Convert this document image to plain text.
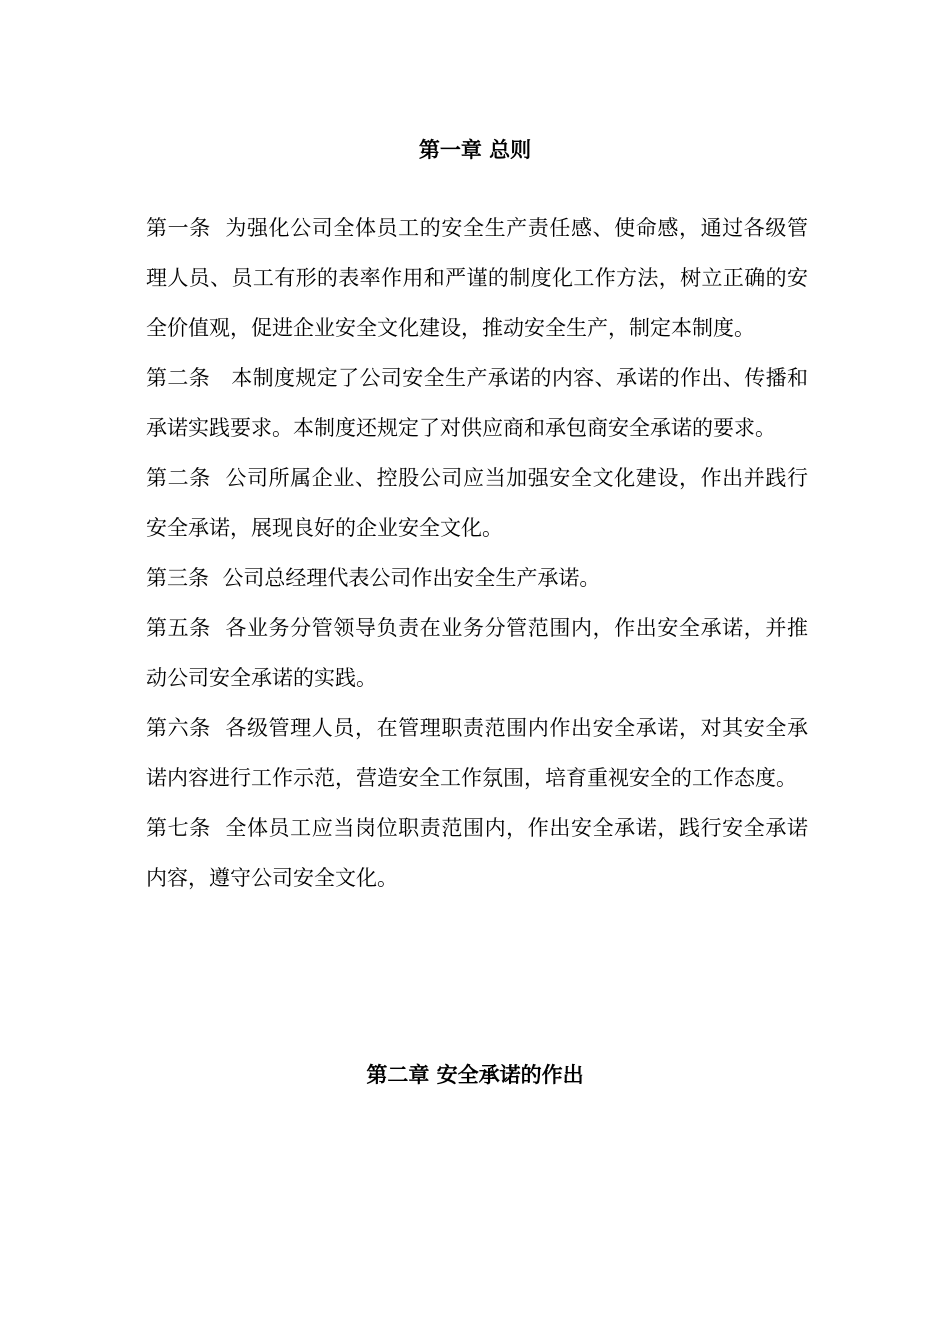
第一章 总则

第一条  为强化公司全体员工的安全生产责任感、使命感，通过各级管理人员、员工有形的表率作用和严谨的制度化工作方法，树立正确的安全价值观，促进企业安全文化建设，推动安全生产，制定本制度。

第二条   本制度规定了公司安全生产承诺的内容、承诺的作出、传播和承诺实践要求。本制度还规定了对供应商和承包商安全承诺的要求。

第二条  公司所属企业、控股公司应当加强安全文化建设，作出并践行安全承诺，展现良好的企业安全文化。

第三条  公司总经理代表公司作出安全生产承诺。

第五条  各业务分管领导负责在业务分管范围内，作出安全承诺，并推动公司安全承诺的实践。

第六条  各级管理人员，在管理职责范围内作出安全承诺，对其安全承诺内容进行工作示范，营造安全工作氛围，培育重视安全的工作态度。

第七条  全体员工应当岗位职责范围内，作出安全承诺，践行安全承诺内容，遵守公司安全文化。

第二章 安全承诺的作出
